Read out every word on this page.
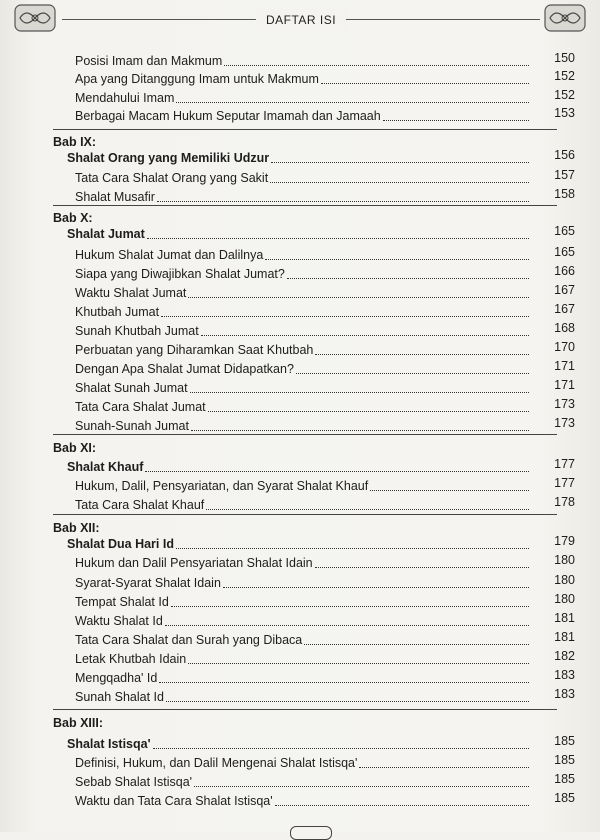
DAFTAR ISI
Posisi Imam dan Makmum	150
Apa yang Ditanggung Imam untuk Makmum	152
Mendahului Imam	152
Berbagai Macam Hukum Seputar Imamah dan Jamaah	153
Bab IX:
Shalat Orang yang Memiliki Udzur	156
Tata Cara Shalat Orang yang Sakit	157
Shalat Musafir	158
Bab X:
Shalat Jumat	165
Hukum Shalat Jumat dan Dalilnya	165
Siapa yang Diwajibkan Shalat Jumat?	166
Waktu Shalat Jumat	167
Khutbah Jumat	167
Sunah Khutbah Jumat	168
Perbuatan yang Diharamkan Saat Khutbah	170
Dengan Apa Shalat Jumat Didapatkan?	171
Shalat Sunah Jumat	171
Tata Cara Shalat Jumat	173
Sunah-Sunah Jumat	173
Bab XI:
Shalat Khauf	177
Hukum, Dalil, Pensyariatan, dan Syarat Shalat Khauf	177
Tata Cara Shalat Khauf	178
Bab XII:
Shalat Dua Hari Id	179
Hukum dan Dalil Pensyariatan Shalat Idain	180
Syarat-Syarat Shalat Idain	180
Tempat Shalat Id	180
Waktu Shalat Id	181
Tata Cara Shalat dan Surah yang Dibaca	181
Letak Khutbah Idain	182
Mengqadha' Id	183
Sunah Shalat Id	183
Bab XIII:
Shalat Istisqa'	185
Definisi, Hukum, dan Dalil Mengenai Shalat Istisqa'	185
Sebab Shalat Istisqa'	185
Waktu dan Tata Cara Shalat Istisqa'	185
